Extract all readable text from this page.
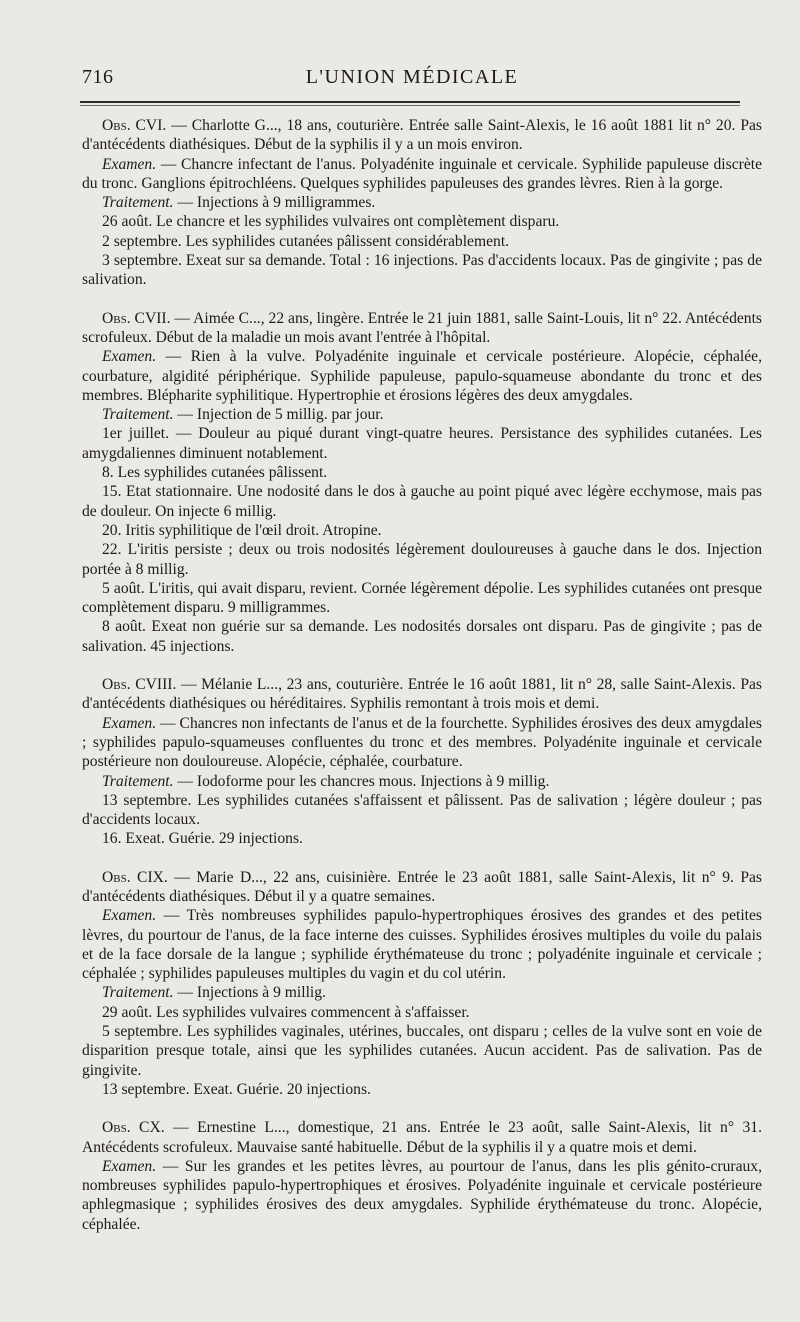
716	L'UNION MÉDICALE

Obs. CVI. — Charlotte G..., 18 ans, couturière. Entrée salle Saint-Alexis, le 16 août 1881 lit n° 20. Pas d'antécédents diathésiques. Début de la syphilis il y a un mois environ.

Examen. — Chancre infectant de l'anus. Polyadénite inguinale et cervicale. Syphilide papuleuse discrète du tronc. Ganglions épitrochléens. Quelques syphilides papuleuses des grandes lèvres. Rien à la gorge.

Traitement. — Injections à 9 milligrammes.

26 août. Le chancre et les syphilides vulvaires ont complètement disparu.

2 septembre. Les syphilides cutanées pâlissent considérablement.

3 septembre. Exeat sur sa demande. Total : 16 injections. Pas d'accidents locaux. Pas de gingivite ; pas de salivation.

Obs. CVII. — Aimée C..., 22 ans, lingère. Entrée le 21 juin 1881, salle Saint-Louis, lit n° 22. Antécédents scrofuleux. Début de la maladie un mois avant l'entrée à l'hôpital.

Examen. — Rien à la vulve. Polyadénite inguinale et cervicale postérieure. Alopécie, céphalée, courbature, algidité périphérique. Syphilide papuleuse, papulo-squameuse abondante du tronc et des membres. Blépharite syphilitique. Hypertrophie et érosions légères des deux amygdales.

Traitement. — Injection de 5 millig. par jour.

1er juillet. — Douleur au piqué durant vingt-quatre heures. Persistance des syphilides cutanées. Les amygdaliennes diminuent notablement.

8. Les syphilides cutanées pâlissent.

15. Etat stationnaire. Une nodosité dans le dos à gauche au point piqué avec légère ecchymose, mais pas de douleur. On injecte 6 millig.

20. Iritis syphilitique de l'œil droit. Atropine.

22. L'iritis persiste ; deux ou trois nodosités légèrement douloureuses à gauche dans le dos. Injection portée à 8 millig.

5 août. L'iritis, qui avait disparu, revient. Cornée légèrement dépolie. Les syphilides cutanées ont presque complètement disparu. 9 milligrammes.

8 août. Exeat non guérie sur sa demande. Les nodosités dorsales ont disparu. Pas de gingivite ; pas de salivation. 45 injections.

Obs. CVIII. — Mélanie L..., 23 ans, couturière. Entrée le 16 août 1881, lit n° 28, salle Saint-Alexis. Pas d'antécédents diathésiques ou héréditaires. Syphilis remontant à trois mois et demi.

Examen. — Chancres non infectants de l'anus et de la fourchette. Syphilides érosives des deux amygdales ; syphilides papulo-squameuses confluentes du tronc et des membres. Polyadénite inguinale et cervicale postérieure non douloureuse. Alopécie, céphalée, courbature.

Traitement. — Iodoforme pour les chancres mous. Injections à 9 millig.

13 septembre. Les syphilides cutanées s'affaissent et pâlissent. Pas de salivation ; légère douleur ; pas d'accidents locaux.

16. Exeat. Guérie. 29 injections.

Obs. CIX. — Marie D..., 22 ans, cuisinière. Entrée le 23 août 1881, salle Saint-Alexis, lit n° 9. Pas d'antécédents diathésiques. Début il y a quatre semaines.

Examen. — Très nombreuses syphilides papulo-hypertrophiques érosives des grandes et des petites lèvres, du pourtour de l'anus, de la face interne des cuisses. Syphilides érosives multiples du voile du palais et de la face dorsale de la langue ; syphilide érythémateuse du tronc ; polyadénite inguinale et cervicale ; céphalée ; syphilides papuleuses multiples du vagin et du col utérin.

Traitement. — Injections à 9 millig.

29 août. Les syphilides vulvaires commencent à s'affaisser.

5 septembre. Les syphilides vaginales, utérines, buccales, ont disparu ; celles de la vulve sont en voie de disparition presque totale, ainsi que les syphilides cutanées. Aucun accident. Pas de salivation. Pas de gingivite.

13 septembre. Exeat. Guérie. 20 injections.

Obs. CX. — Ernestine L..., domestique, 21 ans. Entrée le 23 août, salle Saint-Alexis, lit n° 31. Antécédents scrofuleux. Mauvaise santé habituelle. Début de la syphilis il y a quatre mois et demi.

Examen. — Sur les grandes et les petites lèvres, au pourtour de l'anus, dans les plis génito-cruraux, nombreuses syphilides papulo-hypertrophiques et érosives. Polyadénite inguinale et cervicale postérieure aphlegmasique ; syphilides érosives des deux amygdales. Syphilide érythémateuse du tronc. Alopécie, céphalée.
